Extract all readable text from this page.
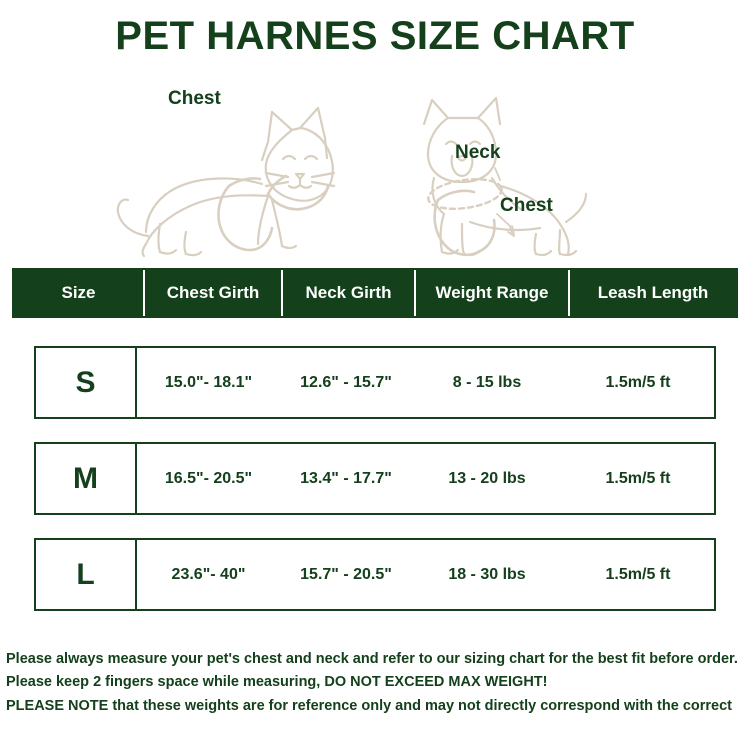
PET HARNES SIZE CHART
Chest
Neck
Chest
Size	Chest Girth	Neck Girth	Weight Range	Leash Length
S	15.0"- 18.1"	12.6" - 15.7"	8 - 15 lbs	1.5m/5 ft
M	16.5"- 20.5"	13.4" - 17.7"	13 - 20 lbs	1.5m/5 ft
L	23.6"- 40"	15.7" - 20.5"	18 - 30 lbs	1.5m/5 ft
Please always measure your pet's chest and neck and refer to our sizing chart for the best fit before order.
Please keep 2 fingers space while measuring, DO NOT EXCEED MAX WEIGHT!
PLEASE NOTE that these weights are for reference only and may not directly correspond with the correct
